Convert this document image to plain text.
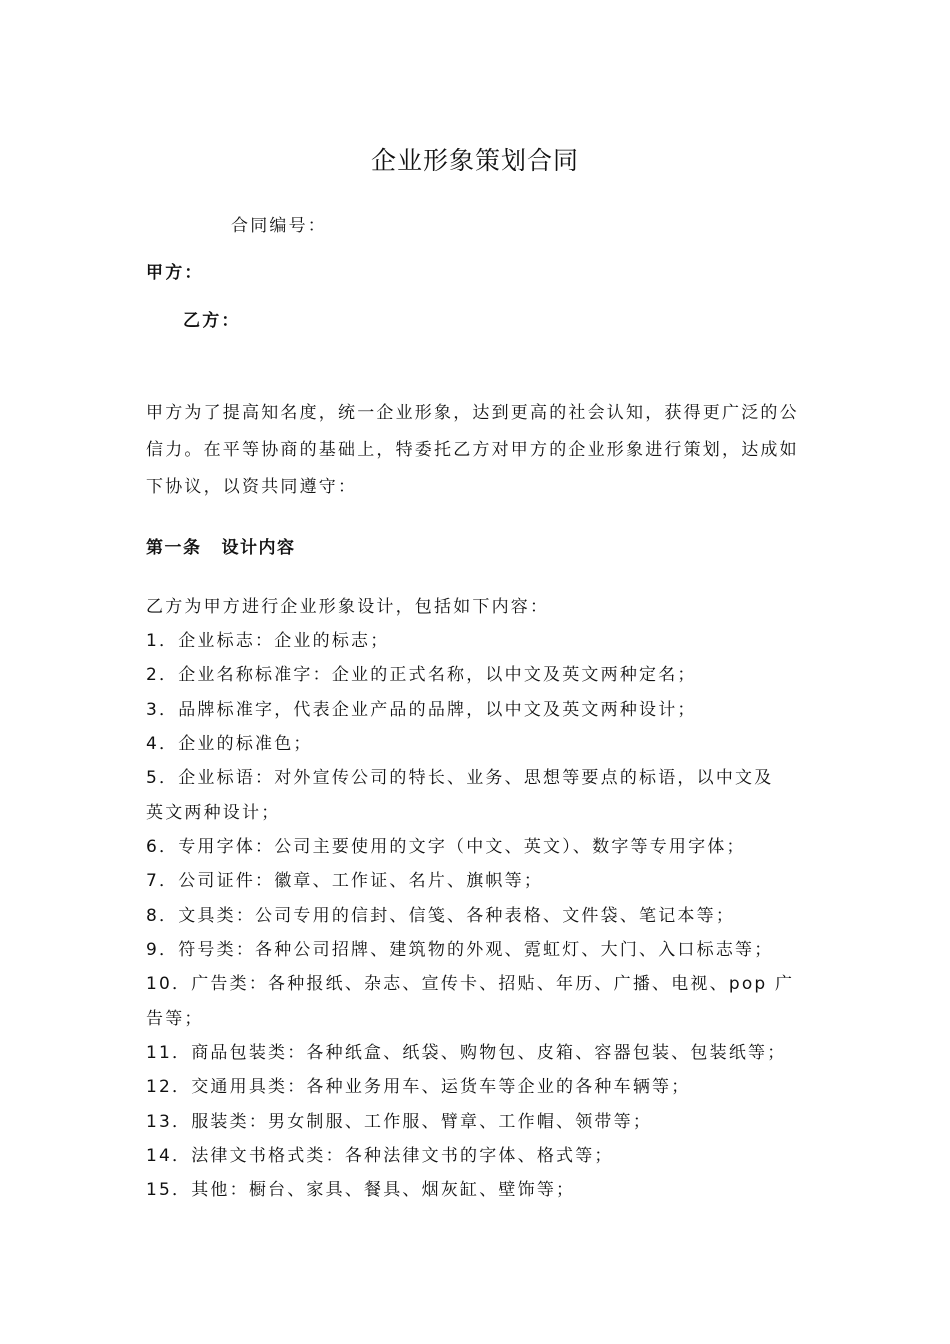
企业形象策划合同
合同编号：
甲方：
乙方：
甲方为了提高知名度，统一企业形象，达到更高的社会认知，获得更广泛的公
信力。在平等协商的基础上，特委托乙方对甲方的企业形象进行策划，达成如
下协议，以资共同遵守：
第一条 设计内容
乙方为甲方进行企业形象设计，包括如下内容：
1．企业标志：企业的标志；
2．企业名称标准字：企业的正式名称，以中文及英文两种定名；
3．品牌标准字，代表企业产品的品牌，以中文及英文两种设计；
4．企业的标准色；
5．企业标语：对外宣传公司的特长、业务、思想等要点的标语，以中文及
英文两种设计；
6．专用字体：公司主要使用的文字（中文、英文）、数字等专用字体；
7．公司证件：徽章、工作证、名片、旗帜等；
8．文具类：公司专用的信封、信笺、各种表格、文件袋、笔记本等；
9．符号类：各种公司招牌、建筑物的外观、霓虹灯、大门、入口标志等；
10．广告类：各种报纸、杂志、宣传卡、招贴、年历、广播、电视、pop 广
告等；
11．商品包装类：各种纸盒、纸袋、购物包、皮箱、容器包装、包装纸等；
12．交通用具类：各种业务用车、运货车等企业的各种车辆等；
13．服装类：男女制服、工作服、臂章、工作帽、领带等；
14．法律文书格式类：各种法律文书的字体、格式等；
15．其他：橱台、家具、餐具、烟灰缸、壁饰等；
